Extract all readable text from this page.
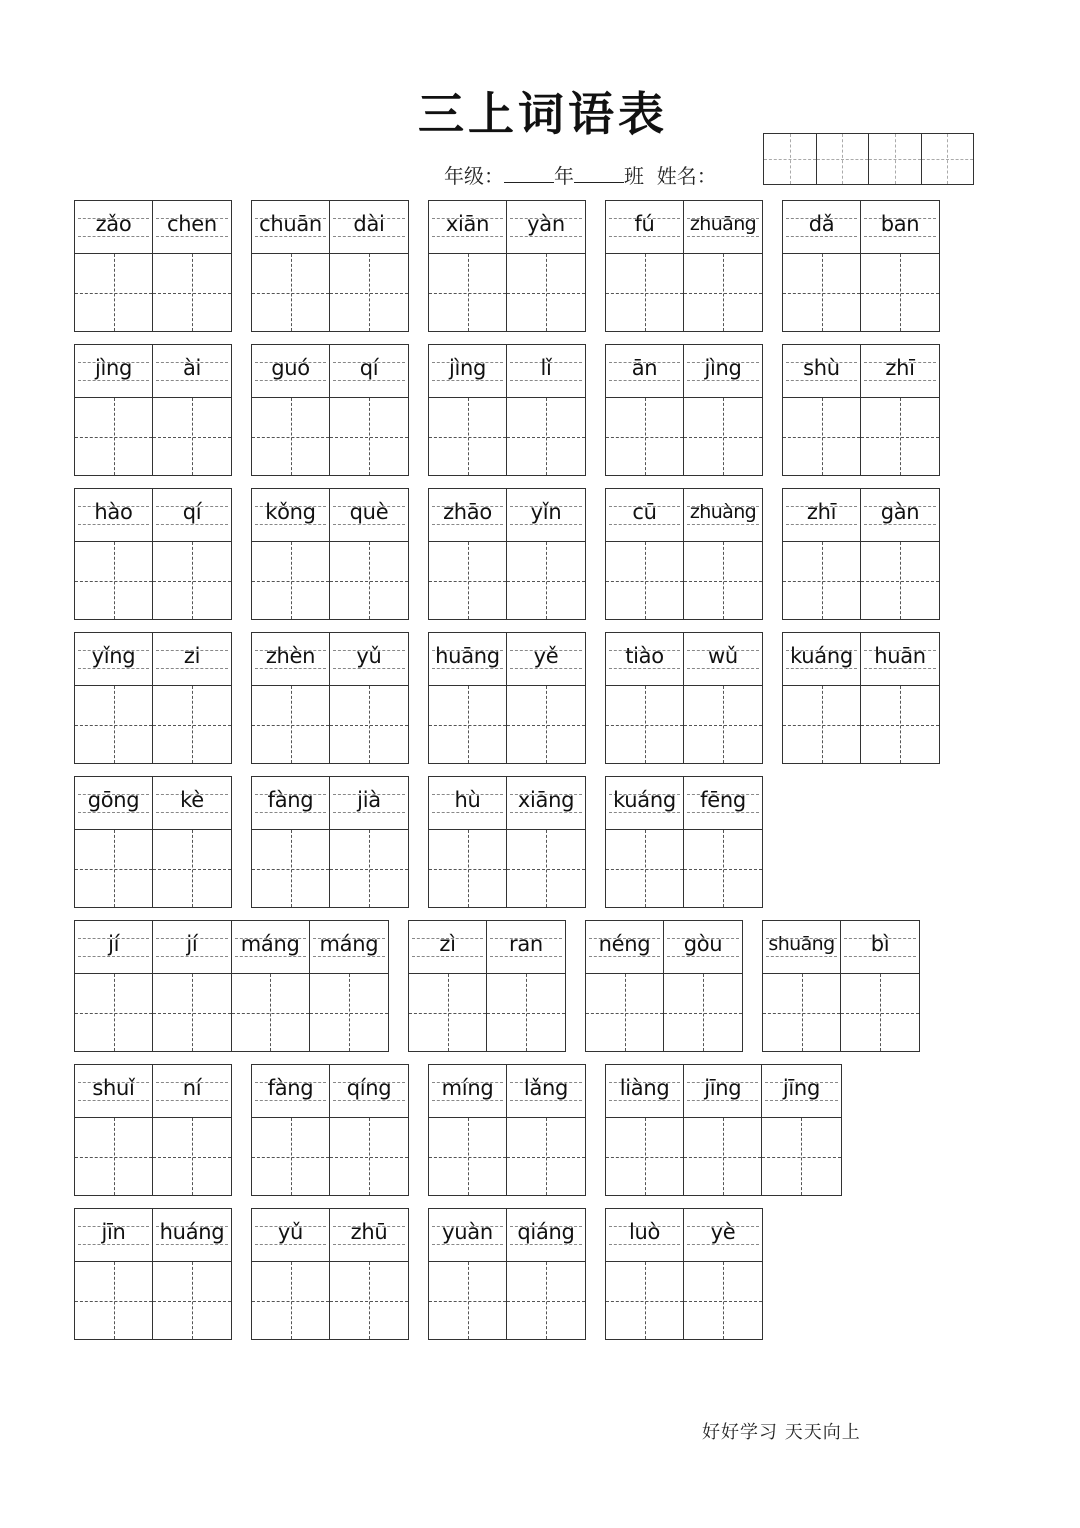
三上词语表
年级：	年	班 姓名：
zǎo	chen	chuān	dài	xiān	yàn	fú	zhuāng	dǎ	ban
jìng	ài	guó	qí	jìng	lǐ	ān	jìng	shù	zhī
hào	qí	kǒng	què	zhāo	yǐn	cū	zhuàng	zhī	gàn
yǐng	zi	zhèn	yǔ	huāng	yě	tiào	wǔ	kuáng	huān
gōng	kè	fàng	jià	hù	xiāng	kuáng	fēng
jí	jí	máng máng	zì	ran	néng	gòu	shuāng	bì
shuǐ	ní	fàng	qíng	míng	lǎng	liàng	jīng	jīng
jīn	huáng	yǔ	zhū	yuàn	qiáng	luò	yè
好好学习 天天向上
